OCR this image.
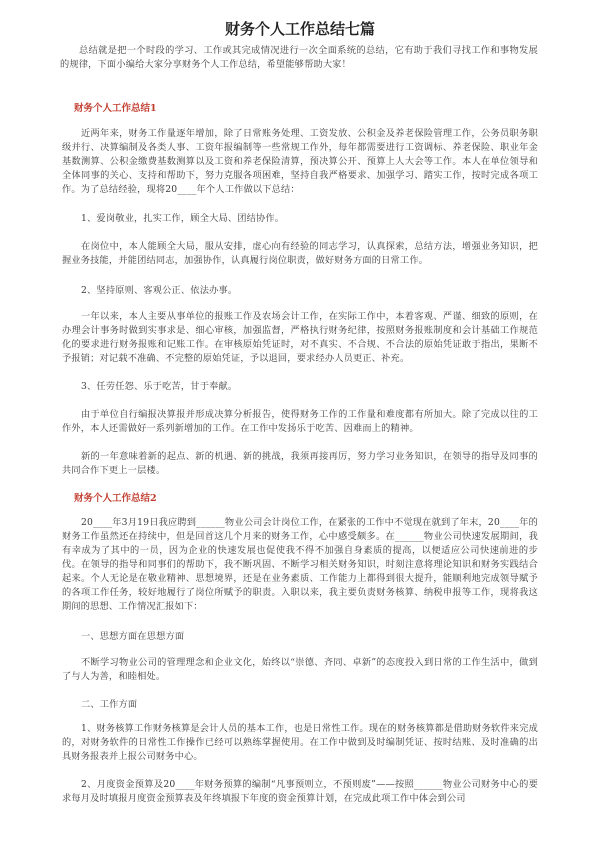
财务个人工作总结七篇

总结就是把一个时段的学习、工作或其完成情况进行一次全面系统的总结，它有助于我们寻找工作和事物发展的规律，下面小编给大家分享财务个人工作总结，希望能够帮助大家！

财务个人工作总结1

近两年来，财务工作量逐年增加，除了日常账务处理、工资发放、公积金及养老保险管理工作，公务员职务职级并行、决算编制及各类人事、工资年报编制等一些常规工作外，每年都需要进行工资调标、养老保险、职业年金基数测算、公积金缴费基数测算以及工资和养老保险清算，预决算公开、预算上人大会等工作。本人在单位领导和全体同事的关心、支持和帮助下，努力克服各项困难，坚持自我严格要求、加强学习、踏实工作，按时完成各项工作。为了总结经验，现将20____年个人工作做以下总结：

1、爱岗敬业，扎实工作，顾全大局、团结协作。

在岗位中，本人能顾全大局，服从安排，虚心向有经验的同志学习，认真探索，总结方法，增强业务知识，把握业务技能，并能团结同志，加强协作，认真履行岗位职责，做好财务方面的日常工作。

2、坚持原则、客观公正、依法办事。

一年以来，本人主要从事单位的报账工作及农场会计工作，在实际工作中，本着客观、严谨、细致的原则，在办理会计事务时做到实事求是、细心审核，加强监督，严格执行财务纪律，按照财务报账制度和会计基础工作规范化的要求进行财务报账和记账工作。在审核原始凭证时，对不真实、不合规、不合法的原始凭证敢于指出，果断不予报销；对记载不准确、不完整的原始凭证，予以退回，要求经办人员更正、补充。

3、任劳任怨、乐于吃苦，甘于奉献。

由于单位自行编报决算报并形成决算分析报告，使得财务工作的工作量和难度都有所加大。除了完成以往的工作外，本人还需做好一系列新增加的工作。在工作中发扬乐于吃苦、因难而上的精神。

新的一年意味着新的起点、新的机遇、新的挑战，我须再接再厉，努力学习业务知识，在领导的指导及同事的共同合作下更上一层楼。

财务个人工作总结2

20____年3月19日我应聘到______物业公司会计岗位工作，在紧张的工作中不觉现在就到了年末，20____年的财务工作虽然还在持续中，但是回首这几个月来的财务工作，心中感受颇多。在______物业公司快速发展期间，我有幸成为了其中的一员，因为企业的快速发展也促使我不得不加强自身素质的提高，以便适应公司快速前进的步伐。在领导的指导和同事们的帮助下，我不断巩固、不断学习相关财务知识，时刻注意将理论知识和财务实践结合起来。个人无论是在敬业精神、思想境界，还是在业务素质、工作能力上都得到很大提升，能顺利地完成领导赋予的各项工作任务，较好地履行了岗位所赋予的职责。入职以来，我主要负责财务核算、纳税申报等工作，现将我这期间的思想、工作情况汇报如下：

一、思想方面在思想方面

不断学习物业公司的管理理念和企业文化，始终以“崇德、齐同、卓新”的态度投入到日常的工作生活中，做到了与人为善，和睦相处。

二、工作方面

1、财务核算工作财务核算是会计人员的基本工作，也是日常性工作。现在的财务核算都是借助财务软件来完成的，对财务软件的日常性工作操作已经可以熟练掌握使用。在工作中做到及时编制凭证、按时结账、及时准确的出具财务报表并上报公司财务中心。

2、月度资金预算及20____年财务预算的编制“凡事预则立，不预则废”——按照______物业公司财务中心的要求每月及时填报月度资金预算表及年终填报下年度的资金预算计划，在完成此项工作中体会到公司
